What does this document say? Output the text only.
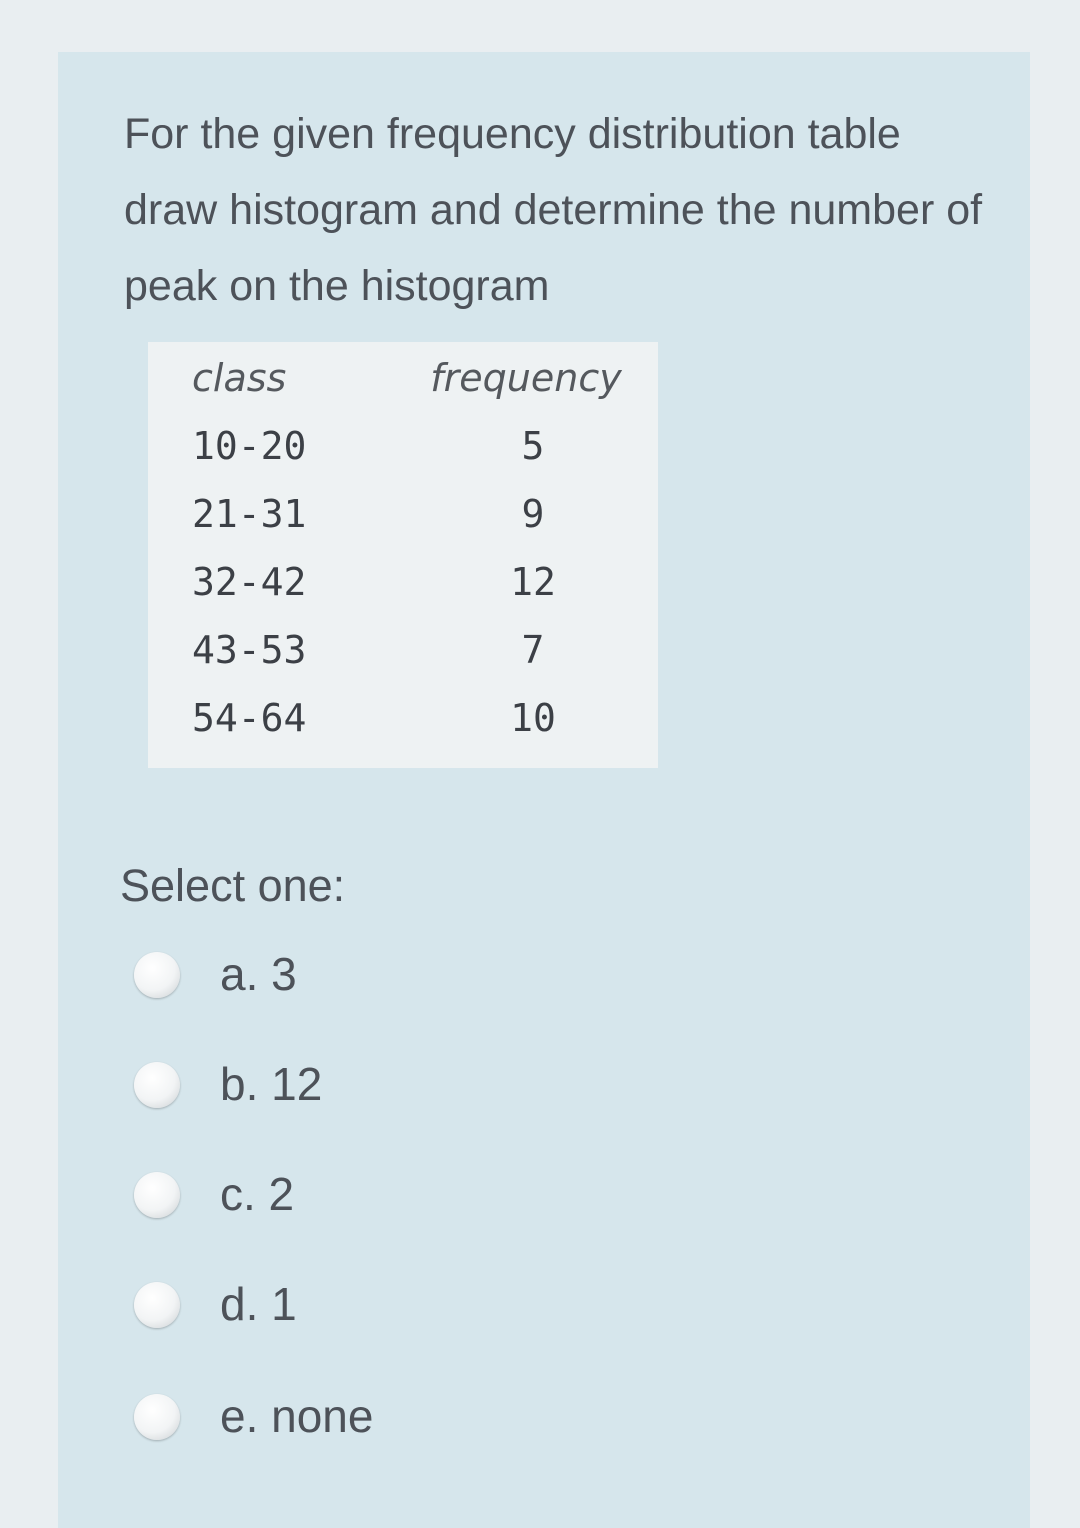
For the given frequency distribution table draw histogram and determine the number of peak on the histogram

class	frequency
10-20	5
21-31	9
32-42	12
43-53	7
54-64	10
Select one:
a. 3
b. 12
c. 2
d. 1
e. none
